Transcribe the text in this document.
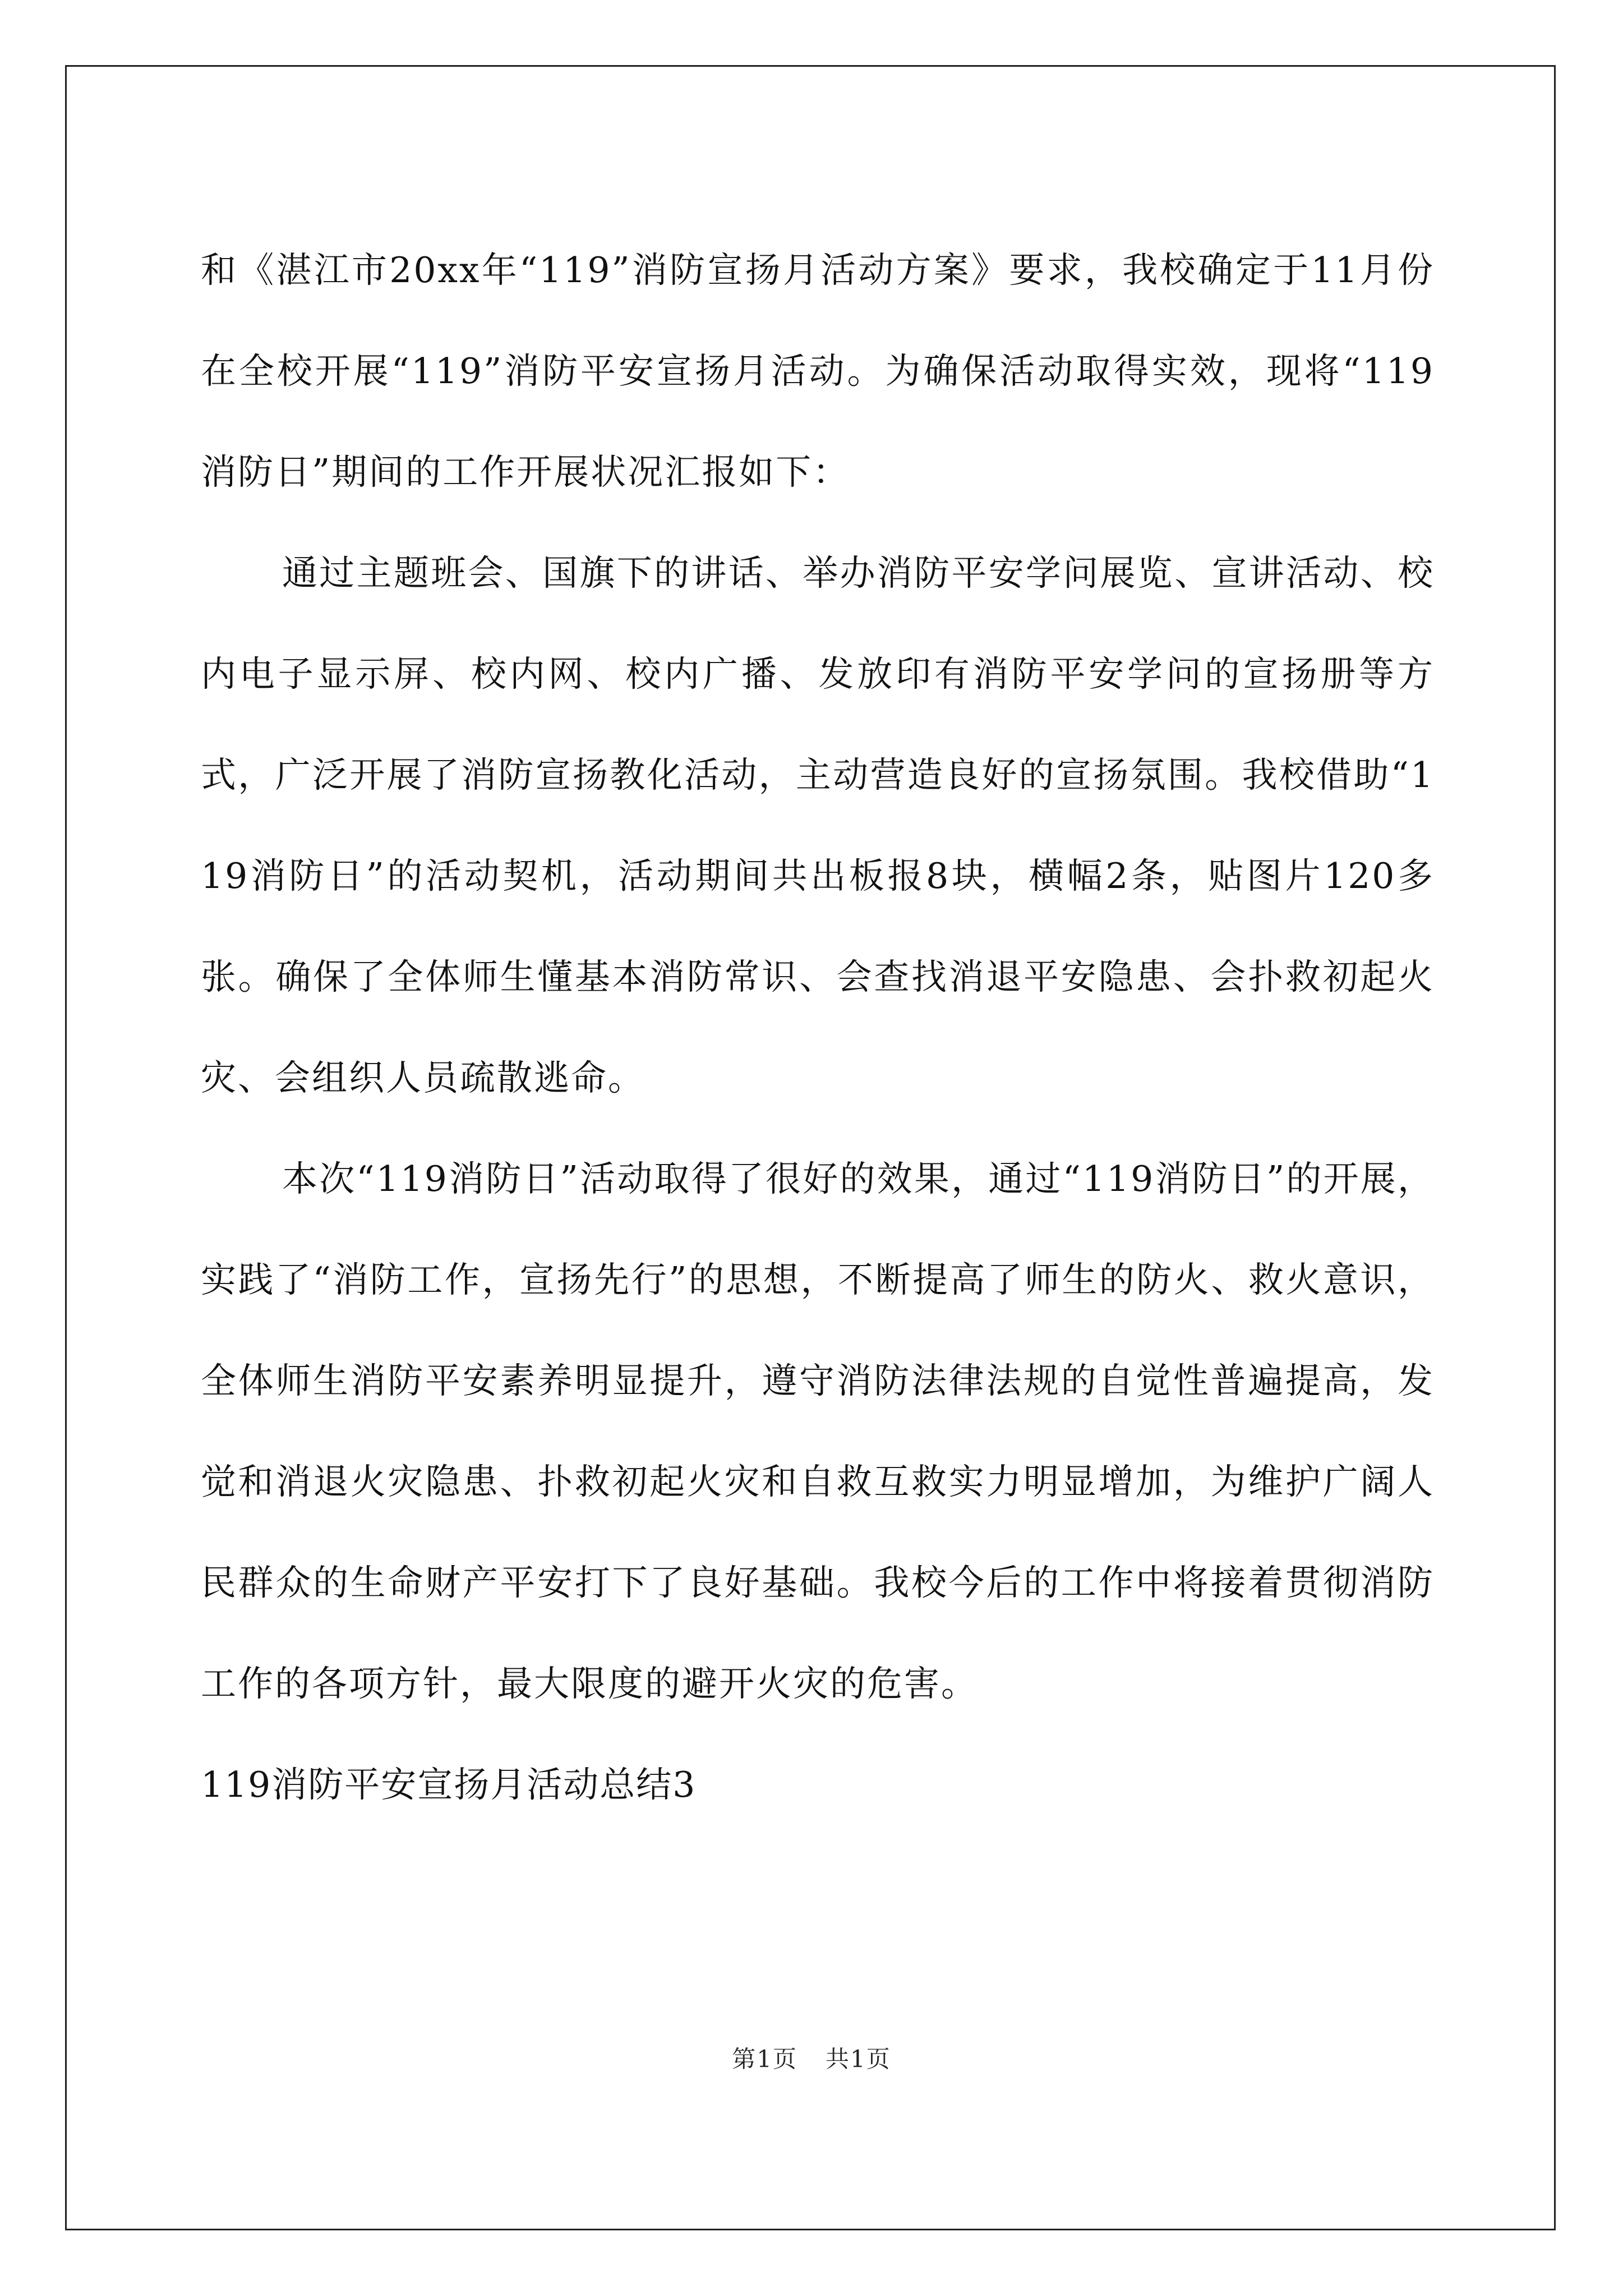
和《湛江市20xx年“119”消防宣扬月活动方案》要求，我校确定于11月份在全校开展“119”消防平安宣扬月活动。为确保活动取得实效，现将“119消防日”期间的工作开展状况汇报如下：

通过主题班会、国旗下的讲话、举办消防平安学问展览、宣讲活动、校内电子显示屏、校内网、校内广播、发放印有消防平安学问的宣扬册等方式，广泛开展了消防宣扬教化活动，主动营造良好的宣扬氛围。我校借助“119消防日”的活动契机，活动期间共出板报8块，横幅2条，贴图片120多张。确保了全体师生懂基本消防常识、会查找消退平安隐患、会扑救初起火灾、会组织人员疏散逃命。

本次“119消防日”活动取得了很好的效果，通过“119消防日”的开展，实践了“消防工作，宣扬先行”的思想，不断提高了师生的防火、救火意识，全体师生消防平安素养明显提升，遵守消防法律法规的自觉性普遍提高，发觉和消退火灾隐患、扑救初起火灾和自救互救实力明显增加，为维护广阔人民群众的生命财产平安打下了良好基础。我校今后的工作中将接着贯彻消防工作的各项方针，最大限度的避开火灾的危害。

119消防平安宣扬月活动总结3
第1页 共1页
